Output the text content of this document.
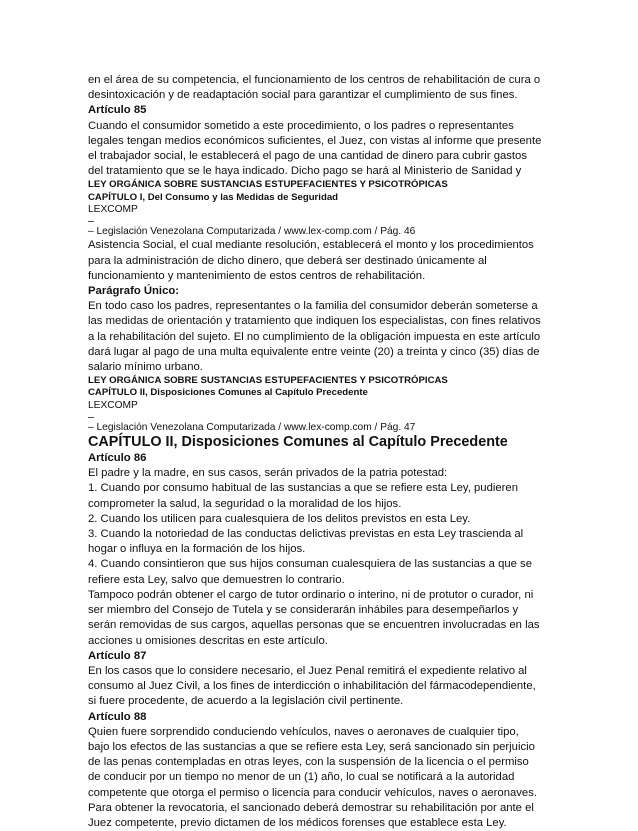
en el área de su competencia, el funcionamiento de los centros de rehabilitación de cura o

desintoxicación y de readaptación social para garantizar el cumplimiento de sus fines.

Artículo 85

Cuando el consumidor sometido a este procedimiento, o los padres o representantes

legales tengan medios económicos suficientes, el Juez, con vistas al informe que presente

el trabajador social, le establecerá el pago de una cantidad de dinero para cubrir gastos

del tratamiento que se le haya indicado. Dicho pago se hará al Ministerio de Sanidad y

LEY ORGÁNICA SOBRE SUSTANCIAS ESTUPEFACIENTES Y PSICOTRÓPICAS

CAPÍTULO I, Del Consumo y las Medidas de Seguridad

LEXCOMP

– Legislación Venezolana Computarizada / www.lex-comp.com / Pág. 46

Asistencia Social, el cual mediante resolución, establecerá el monto y los procedimientos

para la administración de dicho dinero, que deberá ser destinado únicamente al

funcionamiento y mantenimiento de estos centros de rehabilitación.

Parágrafo Único:

En todo caso los padres, representantes o la familia del consumidor deberán someterse a

las medidas de orientación y tratamiento que indiquen los especialistas, con fines relativos

a la rehabilitación del sujeto. El no cumplimiento de la obligación impuesta en este artículo

dará lugar al pago de una multa equivalente entre veinte (20) a treinta y cinco (35) días de

salario mínimo urbano.

LEY ORGÁNICA SOBRE SUSTANCIAS ESTUPEFACIENTES Y PSICOTRÓPICAS

CAPÍTULO II, Disposiciones Comunes al Capítulo Precedente

LEXCOMP

– Legislación Venezolana Computarizada / www.lex-comp.com / Pág. 47

CAPÍTULO II, Disposiciones Comunes al Capítulo Precedente

Artículo 86

El padre y la madre, en sus casos, serán privados de la patria potestad:

1. Cuando por consumo habitual de las sustancias a que se refiere esta Ley, pudieren

comprometer la salud, la seguridad o la moralidad de los hijos.

2. Cuando los utilicen para cualesquiera de los delitos previstos en esta Ley.

3. Cuando la notoriedad de las conductas delictivas previstas en esta Ley trascienda al

hogar o influya en la formación de los hijos.

4. Cuando consintieron que sus hijos consuman cualesquiera de las sustancias a que se

refiere esta Ley, salvo que demuestren lo contrario.

Tampoco podrán obtener el cargo de tutor ordinario o interino, ni de protutor o curador, ni

ser miembro del Consejo de Tutela y se considerarán inhábiles para desempeñarlos y

serán removidas de sus cargos, aquellas personas que se encuentren involucradas en las

acciones u omisiones descritas en este artículo.

Artículo 87

En los casos que lo considere necesario, el Juez Penal remitirá el expediente relativo al

consumo al Juez Civil, a los fines de interdicción o inhabilitación del fármacodependiente,

si fuere procedente, de acuerdo a la legislación civil pertinente.

Artículo 88

Quien fuere sorprendido conduciendo vehículos, naves o aeronaves de cualquier tipo,

bajo los efectos de las sustancias a que se refiere esta Ley, será sancionado sin perjuicio

de las penas contempladas en otras leyes, con la suspensión de la licencia o el permiso

de conducir por un tiempo no menor de un (1) año, lo cual se notificará a la autoridad

competente que otorga el permiso o licencia para conducir vehículos, naves o aeronaves.

Para obtener la revocatoria, el sancionado deberá demostrar su rehabilitación por ante el

Juez competente, previo dictamen de los médicos forenses que establece esta Ley.
